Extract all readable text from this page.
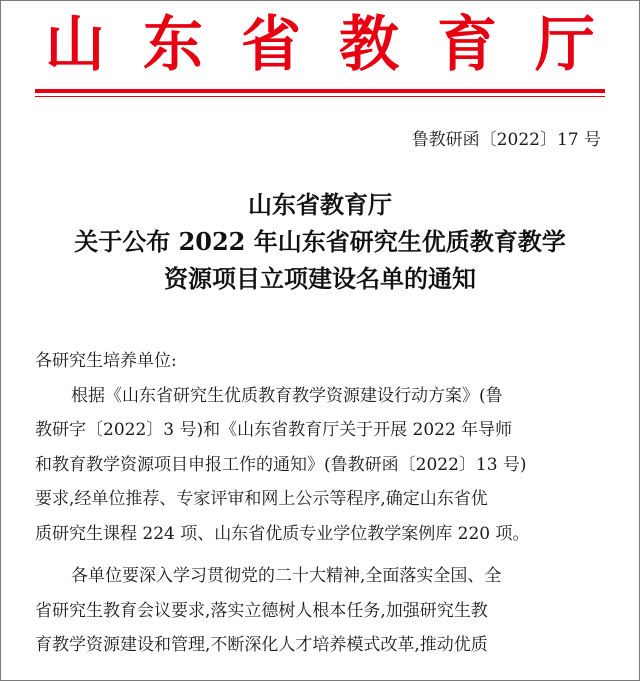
山东省教育厅
鲁教研函〔2022〕17 号
山东省教育厅
关于公布 2022 年山东省研究生优质教育教学
资源项目立项建设名单的通知
各研究生培养单位:
根据《山东省研究生优质教育教学资源建设行动方案》(鲁
教研字〔2022〕3 号)和《山东省教育厅关于开展 2022 年导师
和教育教学资源项目申报工作的通知》(鲁教研函〔2022〕13 号)
要求,经单位推荐、专家评审和网上公示等程序,确定山东省优
质研究生课程 224 项、山东省优质专业学位教学案例库 220 项。
各单位要深入学习贯彻党的二十大精神,全面落实全国、全
省研究生教育会议要求,落实立德树人根本任务,加强研究生教
育教学资源建设和管理,不断深化人才培养模式改革,推动优质
